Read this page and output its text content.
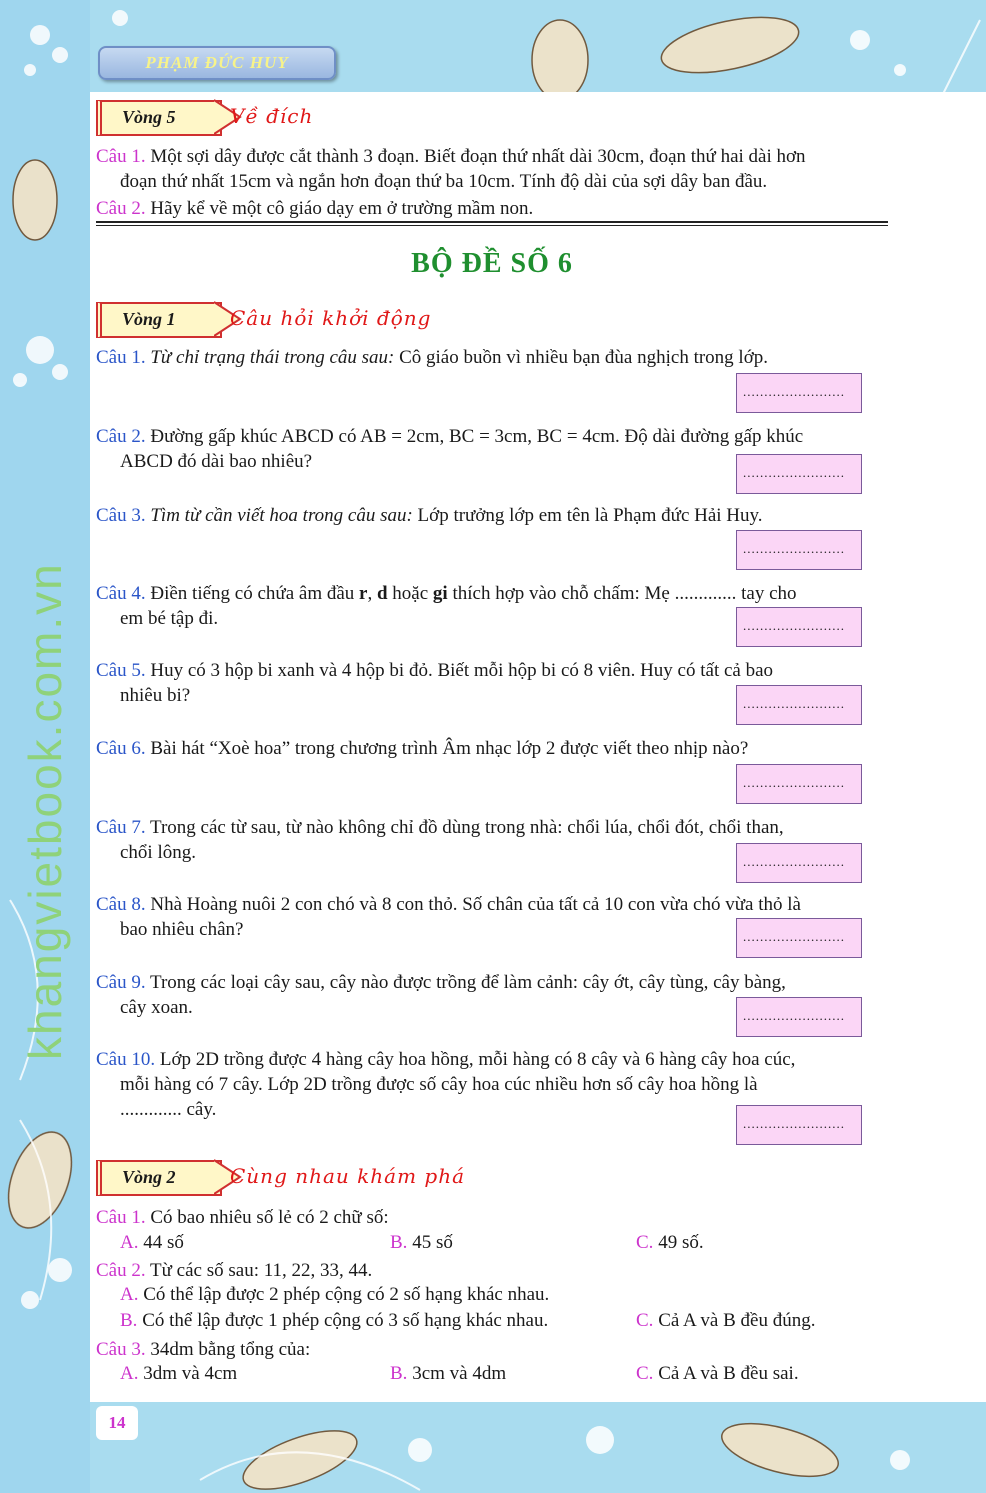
PHẠM ĐỨC HUY
khangvietbook.com.vn
Vòng 5	Về đích
Câu 1. Một sợi dây được cắt thành 3 đoạn. Biết đoạn thứ nhất dài 30cm, đoạn thứ hai dài hơn
đoạn thứ nhất 15cm và ngắn hơn đoạn thứ ba 10cm. Tính độ dài của sợi dây ban đầu.
Câu 2. Hãy kể về một cô giáo dạy em ở trường mầm non.
BỘ ĐỀ SỐ 6
Vòng 1	Câu hỏi khởi động
Câu 1. Từ chỉ trạng thái trong câu sau: Cô giáo buồn vì nhiều bạn đùa nghịch trong lớp.
........................
Câu 2. Đường gấp khúc ABCD có AB = 2cm, BC = 3cm, BC = 4cm. Độ dài đường gấp khúc
ABCD đó dài bao nhiêu?
........................
Câu 3. Tìm từ cần viết hoa trong câu sau: Lớp trưởng lớp em tên là Phạm đức Hải Huy.
........................
Câu 4. Điền tiếng có chứa âm đầu r, d hoặc gi thích hợp vào chỗ chấm: Mẹ ............. tay cho
em bé tập đi.	........................
Câu 5. Huy có 3 hộp bi xanh và 4 hộp bi đỏ. Biết mỗi hộp bi có 8 viên. Huy có tất cả bao
nhiêu bi?	........................
Câu 6. Bài hát “Xoè hoa” trong chương trình Âm nhạc lớp 2 được viết theo nhịp nào?
........................
Câu 7. Trong các từ sau, từ nào không chỉ đồ dùng trong nhà: chổi lúa, chổi đót, chổi than,
chổi lông.	........................
Câu 8. Nhà Hoàng nuôi 2 con chó và 8 con thỏ. Số chân của tất cả 10 con vừa chó vừa thỏ là
bao nhiêu chân?	........................
Câu 9. Trong các loại cây sau, cây nào được trồng để làm cảnh: cây ớt, cây tùng, cây bàng,
cây xoan.	........................
Câu 10. Lớp 2D trồng được 4 hàng cây hoa hồng, mỗi hàng có 8 cây và 6 hàng cây hoa cúc,
mỗi hàng có 7 cây. Lớp 2D trồng được số cây hoa cúc nhiều hơn số cây hoa hồng là
............. cây.
........................
Vòng 2	Cùng nhau khám phá
Câu 1. Có bao nhiêu số lẻ có 2 chữ số:
A. 44 số	B. 45 số	C. 49 số.
Câu 2. Từ các số sau: 11, 22, 33, 44.
A. Có thể lập được 2 phép cộng có 2 số hạng khác nhau.
B. Có thể lập được 1 phép cộng có 3 số hạng khác nhau.	C. Cả A và B đều đúng.
Câu 3. 34dm bằng tổng của:
A. 3dm và 4cm	B. 3cm và 4dm	C. Cả A và B đều sai.
14
